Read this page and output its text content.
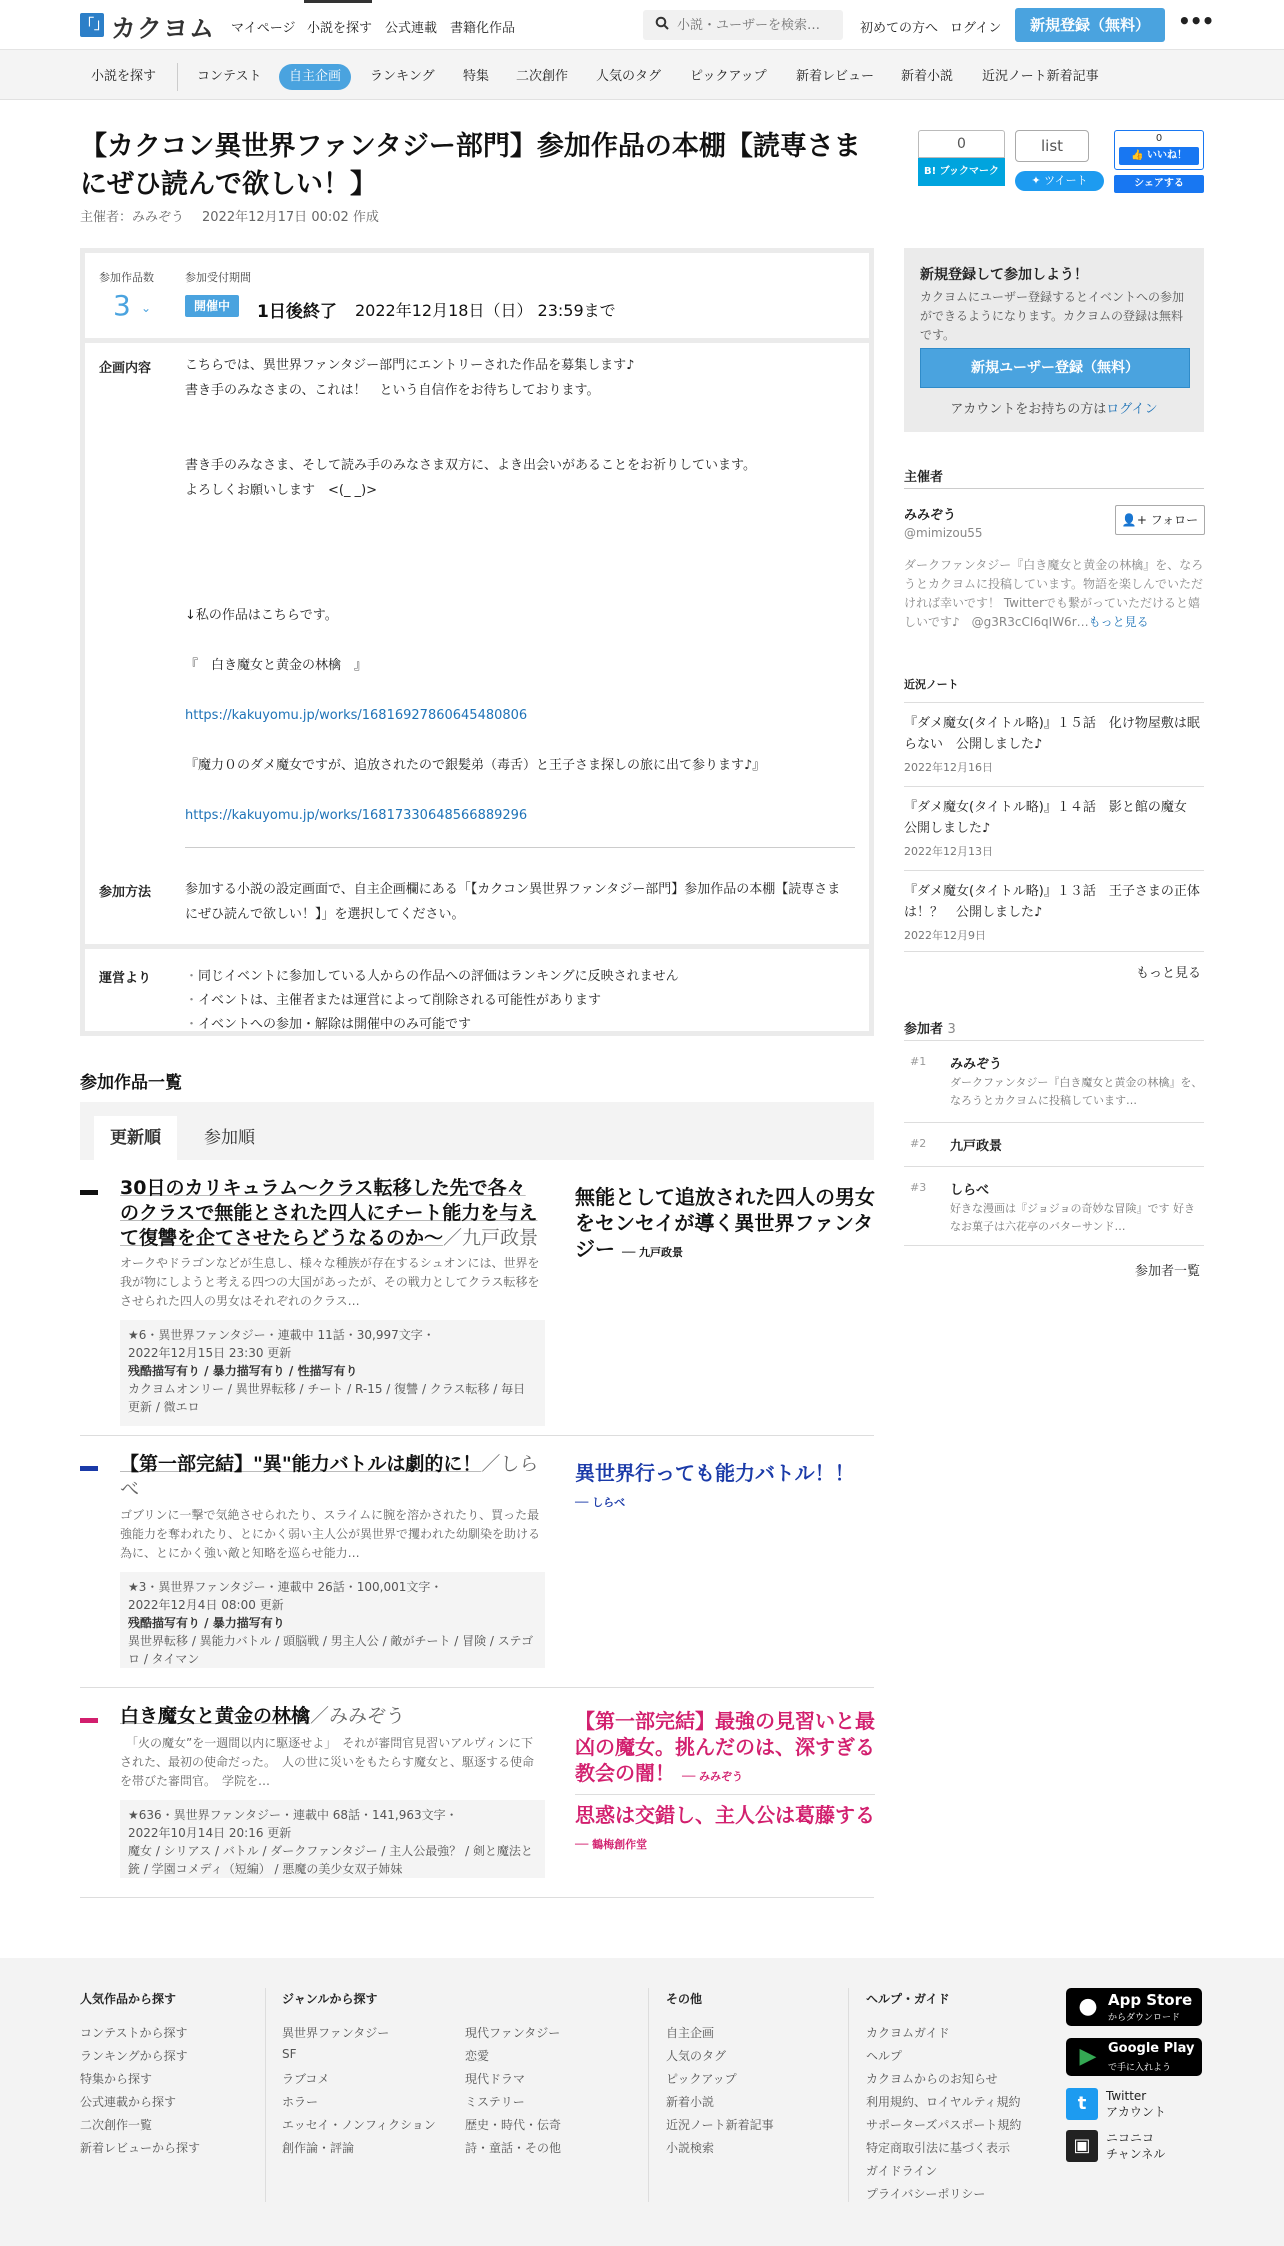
「」 カクヨム マイページ 小説を探す 公式連載 書籍化作品
小説・ユーザーを検索…	初めての方へ ログイン	新規登録（無料）	•••
小説を探す	コンテスト	自主企画	ランキング	特集	二次創作	人気のタグ	ピックアップ	新着レビュー	新着小説	近況ノート新着記事
【カクコン異世界ファンタジー部門】参加作品の本棚【読専さまにぜひ読んで欲しい！】
主催者：みみぞう 2022年12月17日 00:02 作成
0
B! ブックマーク
list
✦ ツイート
0
👍 いいね！
シェアする
参加作品数
3 ⌄
参加受付期間
開催中	1日後終了 2022年12月18日（日） 23:59まで
企画内容	こちらでは、異世界ファンタジー部門にエントリーされた作品を募集します♪
書き手のみなさまの、これは！　という自信作をお待ちしております。
書き手のみなさま、そして読み手のみなさま双方に、よき出会いがあることをお祈りしています。
よろしくお願いします　<(_ _)>
↓私の作品はこちらです。
『　白き魔女と黄金の林檎　』
https://kakuyomu.jp/works/16816927860645480806
『魔力０のダメ魔女ですが、追放されたので銀髪弟（毒舌）と王子さま探しの旅に出て参ります♪』
https://kakuyomu.jp/works/16817330648566889296
参加方法	参加する小説の設定画面で、自主企画欄にある「【カクコン異世界ファンタジー部門】参加作品の本棚【読専さまにぜひ読んで欲しい！】」を選択してください。
運営より
・	同じイベントに参加している人からの作品への評価はランキングに反映されません
・ イベントは、主催者または運営によって削除される可能性があります
・ イベントへの参加・解除は開催中のみ可能です
参加作品一覧
更新順	参加順
30日のカリキュラム～クラス転移した先で各々のクラスで無能とされた四人にチート能力を与えて復讐を企てさせたらどうなるのか～／九戸政景
オークやドラゴンなどが生息し、様々な種族が存在するシュオンには、世界を我が物にしようと考える四つの大国があったが、その戦力としてクラス転移をさせられた四人の男女はそれぞれのクラス…
★6・異世界ファンタジー・連載中 11話・30,997文字・
2022年12月15日 23:30 更新
残酷描写有り / 暴力描写有り / 性描写有り
カクヨムオンリー / 異世界転移 / チート / R-15 / 復讐 / クラス転移 / 毎日更新 / 微エロ
無能として追放された四人の男女をセンセイが導く異世界ファンタジー ── 九戸政景
【第一部完結】"異"能力バトルは劇的に！／しらべ
ゴブリンに一撃で気絶させられたり、スライムに腕を溶かされたり、買った最強能力を奪われたり、とにかく弱い主人公が異世界で攫われた幼馴染を助ける為に、とにかく強い敵と知略を巡らせ能力…
★3・異世界ファンタジー・連載中 26話・100,001文字・
2022年12月4日 08:00 更新
残酷描写有り / 暴力描写有り
異世界転移 / 異能力バトル / 頭脳戦 / 男主人公 / 敵がチート / 冒険 / ステゴロ / タイマン
異世界行っても能力バトル！！
── しらべ
白き魔女と黄金の林檎／みみぞう
　「火の魔女”を一週間以内に駆逐せよ」　それが審問官見習いアルヴィンに下された、最初の使命だった。　人の世に災いをもたらす魔女と、駆逐する使命を帯びた審問官。　学院を…
★636・異世界ファンタジー・連載中 68話・141,963文字・
2022年10月14日 20:16 更新
魔女 / シリアス / バトル / ダークファンタジー / 主人公最強？ / 剣と魔法と銃 / 学園コメディ（短編） / 悪魔の美少女双子姉妹
【第一部完結】最強の見習いと最凶の魔女。挑んだのは、深すぎる教会の闇！ ── みみぞう
思惑は交錯し、主人公は葛藤する ── 鶴梅創作堂
新規登録して参加しよう！
カクヨムにユーザー登録するとイベントへの参加ができるようになります。カクヨムの登録は無料です。
新規ユーザー登録（無料）
アカウントをお持ちの方はログイン
主催者
みみぞう
@mimizou55
👤+ フォロー
ダークファンタジー『白き魔女と黄金の林檎』を、なろうとカクヨムに投稿しています。物語を楽しんでいただければ幸いです！ Twitterでも繋がっていただけると嬉しいです♪　@g3R3cCI6qIW6r…もっと見る
近況ノート
『ダメ魔女(タイトル略)』１５話　化け物屋敷は眠らない　公開しました♪
2022年12月16日
『ダメ魔女(タイトル略)』１４話　影と館の魔女　公開しました♪
2022年12月13日
『ダメ魔女(タイトル略)』１３話　王子さまの正体は！？　公開しました♪
2022年12月9日
もっと見る
参加者 3
#1 みみぞう
ダークファンタジー『白き魔女と黄金の林檎』を、なろうとカクヨムに投稿しています…
#2 九戸政景
#3 しらべ
好きな漫画は『ジョジョの奇妙な冒険』です 好きなお菓子は六花亭のバターサンド…
参加者一覧
人気作品から探す
コンテストから探す
ランキングから探す
特集から探す
公式連載から探す
二次創作一覧
新着レビューから探す
ジャンルから探す
異世界ファンタジー
SF
ラブコメ
ホラー
エッセイ・ノンフィクション
創作論・評論
現代ファンタジー
恋愛
現代ドラマ
ミステリー
歴史・時代・伝奇
詩・童話・その他
その他
自主企画
人気のタグ
ピックアップ
新着小説
近況ノート新着記事
小説検索
ヘルプ・ガイド
カクヨムガイド
ヘルプ
カクヨムからのお知らせ
利用規約、ロイヤルティ規約
サポーターズパスポート規約
特定商取引法に基づく表示
ガイドライン
プライバシーポリシー
● App Store
からダウンロード
▶ Google Play
で手に入れよう
t	Twitter
アカウント
▣	ニコニコ
チャンネル
